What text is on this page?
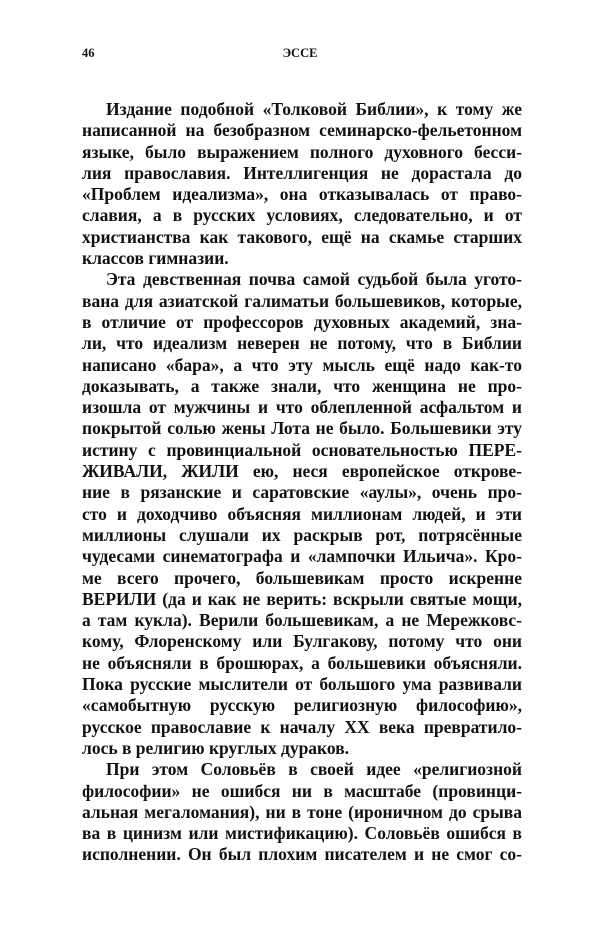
46	ЭССЕ
Издание подобной «Толковой Библии», к тому же
написанной на безобразном семинарско-фельетонном
языке, было выражением полного духовного бесси-
лия православия. Интеллигенция не дорастала до
«Проблем идеализма», она отказывалась от право-
славия, а в русских условиях, следовательно, и от
христианства как такового, ещё на скамье старших
классов гимназии.
Эта девственная почва самой судьбой была угото-
вана для азиатской галиматьи большевиков, которые,
в отличие от профессоров духовных академий, зна-
ли, что идеализм неверен не потому, что в Библии
написано «бара», а что эту мысль ещё надо как-то
доказывать, а также знали, что женщина не про-
изошла от мужчины и что облепленной асфальтом и
покрытой солью жены Лота не было. Большевики эту
истину с провинциальной основательностью ПЕРЕ-
ЖИВАЛИ, ЖИЛИ ею, неся европейское открове-
ние в рязанские и саратовские «аулы», очень про-
сто и доходчиво объясняя миллионам людей, и эти
миллионы слушали их раскрыв рот, потрясённые
чудесами синематографа и «лампочки Ильича». Кро-
ме всего прочего, большевикам просто искренне
ВЕРИЛИ (да и как не верить: вскрыли святые мощи,
а там кукла). Верили большевикам, а не Мережковс-
кому, Флоренскому или Булгакову, потому что они
не объясняли в брошюрах, а большевики объясняли.
Пока русские мыслители от большого ума развивали
«самобытную русскую религиозную философию»,
русское православие к началу XX века превратило-
лось в религию круглых дураков.
При этом Соловьёв в своей идее «религиозной
философии» не ошибся ни в масштабе (провинци-
альная мегаломания), ни в тоне (ироничном до срыва
ва в цинизм или мистификацию). Соловьёв ошибся в
исполнении. Он был плохим писателем и не смог со-
